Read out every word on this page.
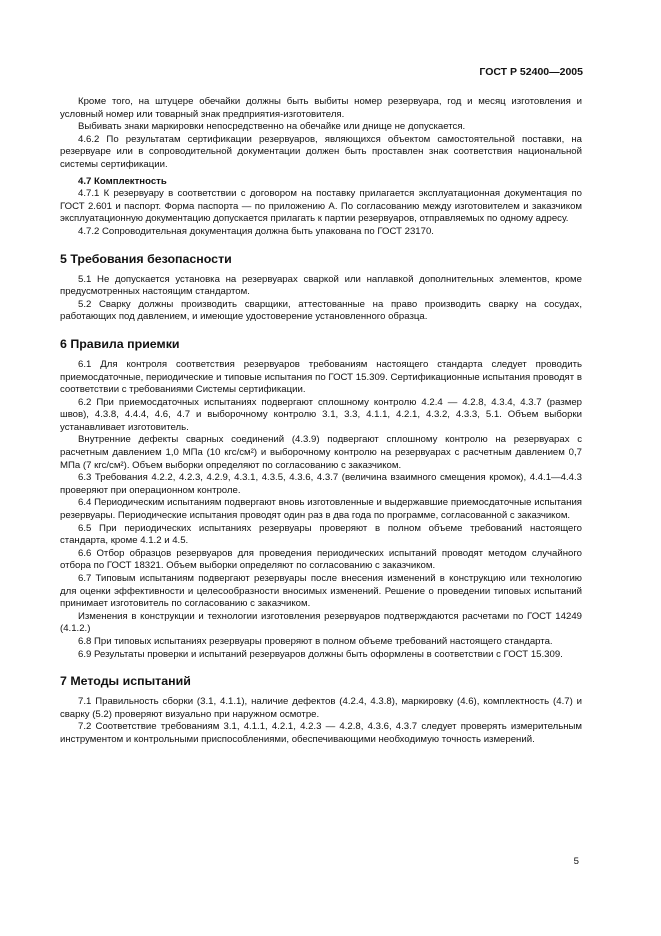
ГОСТ Р 52400—2005

Кроме того, на штуцере обечайки должны быть выбиты номер резервуара, год и месяц изготовления и условный номер или товарный знак предприятия-изготовителя.

Выбивать знаки маркировки непосредственно на обечайке или днище не допускается.

4.6.2 По результатам сертификации резервуаров, являющихся объектом самостоятельной поставки, на резервуаре или в сопроводительной документации должен быть проставлен знак соответствия национальной системы сертификации.

4.7 Комплектность

4.7.1 К резервуару в соответствии с договором на поставку прилагается эксплуатационная документация по ГОСТ 2.601 и паспорт. Форма паспорта — по приложению А. По согласованию между изготовителем и заказчиком эксплуатационную документацию допускается прилагать к партии резервуаров, отправляемых по одному адресу.

4.7.2 Сопроводительная документация должна быть упакована по ГОСТ 23170.

5 Требования безопасности

5.1 Не допускается установка на резервуарах сваркой или наплавкой дополнительных элементов, кроме предусмотренных настоящим стандартом.

5.2 Сварку должны производить сварщики, аттестованные на право производить сварку на сосудах, работающих под давлением, и имеющие удостоверение установленного образца.

6 Правила приемки

6.1 Для контроля соответствия резервуаров требованиям настоящего стандарта следует проводить приемосдаточные, периодические и типовые испытания по ГОСТ 15.309. Сертификационные испытания проводят в соответствии с требованиями Системы сертификации.

6.2 При приемосдаточных испытаниях подвергают сплошному контролю 4.2.4 — 4.2.8, 4.3.4, 4.3.7 (размер швов), 4.3.8, 4.4.4, 4.6, 4.7 и выборочному контролю 3.1, 3.3, 4.1.1, 4.2.1, 4.3.2, 4.3.3, 5.1. Объем выборки устанавливает изготовитель.

Внутренние дефекты сварных соединений (4.3.9) подвергают сплошному контролю на резервуарах с расчетным давлением 1,0 МПа (10 кгс/см²) и выборочному контролю на резервуарах с расчетным давлением 0,7 МПа (7 кгс/см²). Объем выборки определяют по согласованию с заказчиком.

6.3 Требования 4.2.2, 4.2.3, 4.2.9, 4.3.1, 4.3.5, 4.3.6, 4.3.7 (величина взаимного смещения кромок), 4.4.1—4.4.3 проверяют при операционном контроле.

6.4 Периодическим испытаниям подвергают вновь изготовленные и выдержавшие приемосдаточные испытания резервуары. Периодические испытания проводят один раз в два года по программе, согласованной с заказчиком.

6.5 При периодических испытаниях резервуары проверяют в полном объеме требований настоящего стандарта, кроме 4.1.2 и 4.5.

6.6 Отбор образцов резервуаров для проведения периодических испытаний проводят методом случайного отбора по ГОСТ 18321. Объем выборки определяют по согласованию с заказчиком.

6.7 Типовым испытаниям подвергают резервуары после внесения изменений в конструкцию или технологию для оценки эффективности и целесообразности вносимых изменений. Решение о проведении типовых испытаний принимает изготовитель по согласованию с заказчиком.

Изменения в конструкции и технологии изготовления резервуаров подтверждаются расчетами по ГОСТ 14249 (4.1.2.)

6.8 При типовых испытаниях резервуары проверяют в полном объеме требований настоящего стандарта.

6.9 Результаты проверки и испытаний резервуаров должны быть оформлены в соответствии с ГОСТ 15.309.

7 Методы испытаний

7.1 Правильность сборки (3.1, 4.1.1), наличие дефектов (4.2.4, 4.3.8), маркировку (4.6), комплектность (4.7) и сварку (5.2) проверяют визуально при наружном осмотре.

7.2 Соответствие требованиям 3.1, 4.1.1, 4.2.1, 4.2.3 — 4.2.8, 4.3.6, 4.3.7 следует проверять измерительным инструментом и контрольными приспособлениями, обеспечивающими необходимую точность измерений.

5
